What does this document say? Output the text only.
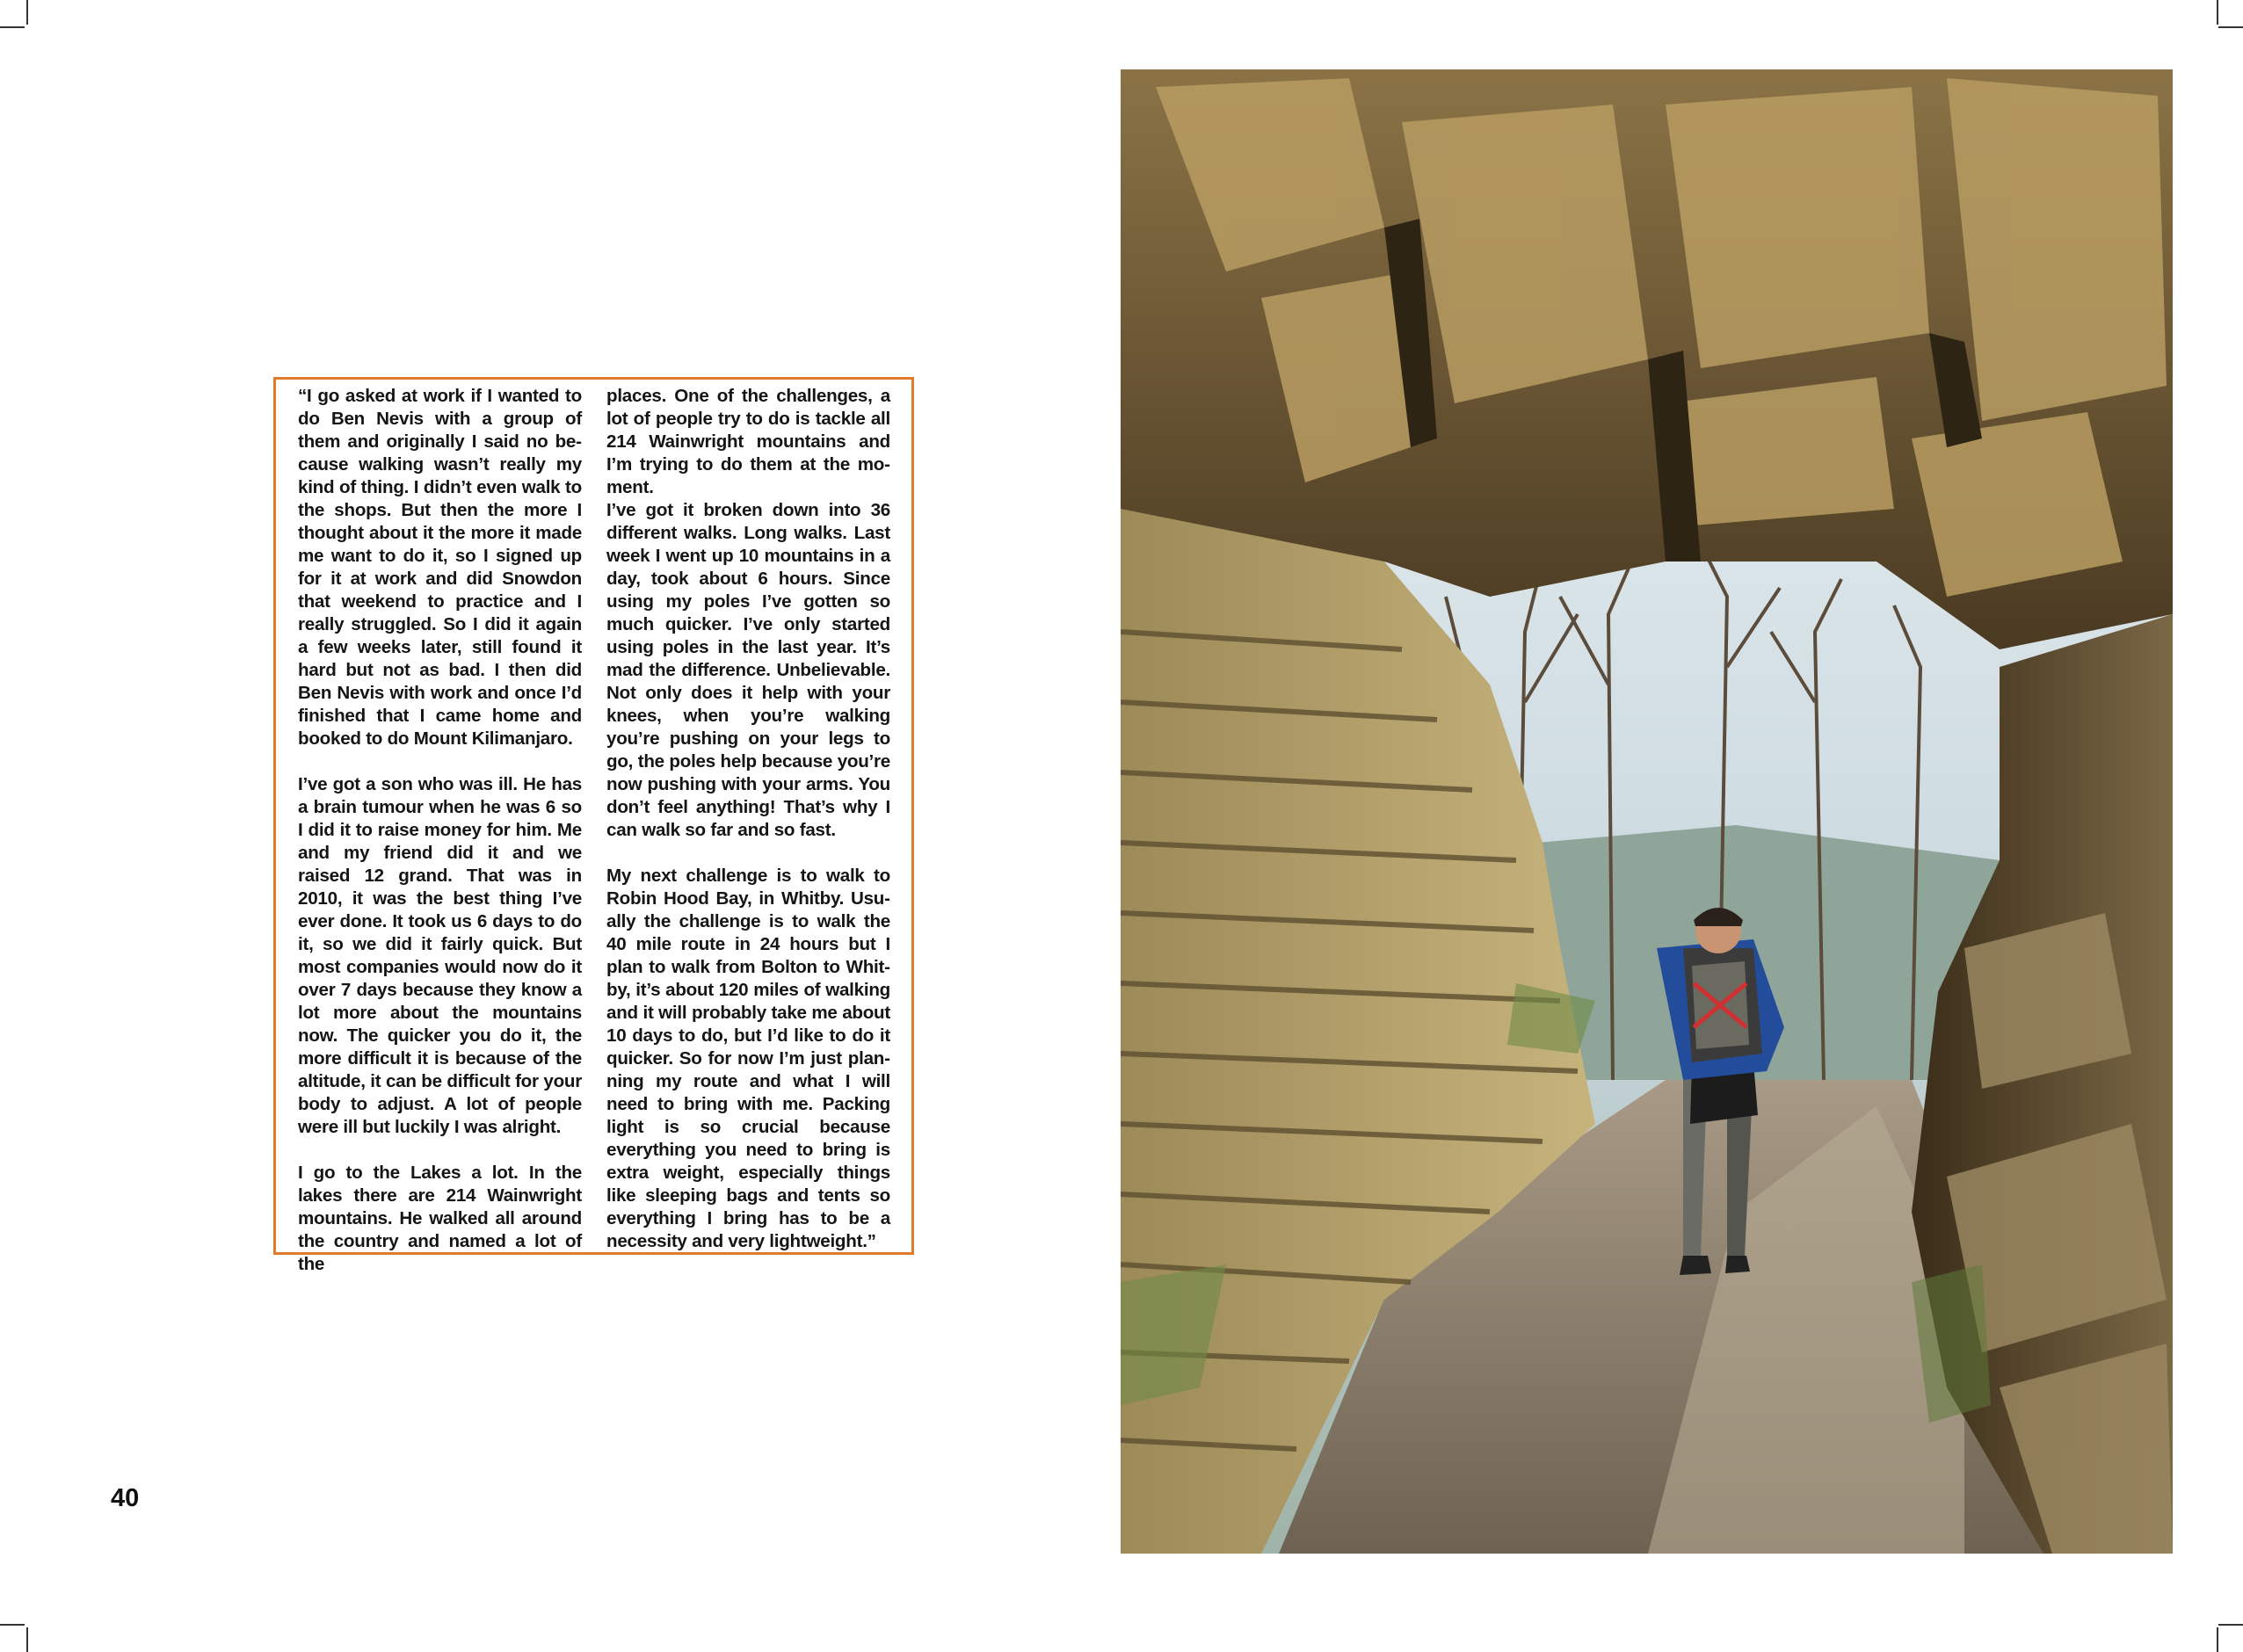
“I go asked at work if I wanted to do Ben Nevis with a group of them and originally I said no because walking wasn’t really my kind of thing. I didn’t even walk to the shops. But then the more I thought about it the more it made me want to do it, so I signed up for it at work and did Snowdon that weekend to practice and I really struggled. So I did it again a few weeks later, still found it hard but not as bad. I then did Ben Nevis with work and once I’d finished that I came home and booked to do Mount Kilimanjaro.

I’ve got a son who was ill. He has a brain tumour when he was 6 so I did it to raise money for him. Me and my friend did it and we raised 12 grand. That was in 2010, it was the best thing I’ve ever done. It took us 6 days to do it, so we did it fairly quick. But most companies would now do it over 7 days because they know a lot more about the mountains now. The quicker you do it, the more difficult it is because of the altitude, it can be difficult for your body to adjust. A lot of people were ill but luckily I was alright.

I go to the Lakes a lot. In the lakes there are 214 Wainwright mountains. He walked all around the country and named a lot of the

places. One of the challenges, a lot of people try to do is tackle all 214 Wainwright mountains and I’m trying to do them at the moment.

I’ve got it broken down into 36 different walks. Long walks. Last week I went up 10 mountains in a day, took about 6 hours. Since using my poles I’ve gotten so much quicker. I’ve only started using poles in the last year. It’s mad the difference. Unbelievable. Not only does it help with your knees, when you’re walking you’re pushing on your legs to go, the poles help because you’re now pushing with your arms. You don’t feel anything! That’s why I can walk so far and so fast.

My next challenge is to walk to Robin Hood Bay, in Whitby. Usually the challenge is to walk the 40 mile route in 24 hours but I plan to walk from Bolton to Whitby, it’s about 120 miles of walking and it will probably take me about 10 days to do, but I’d like to do it quicker. So for now I’m just planning my route and what I will need to bring with me. Packing light is so crucial because everything you need to bring is extra weight, especially things like sleeping bags and tents so everything I bring has to be a necessity and very lightweight.”

40
